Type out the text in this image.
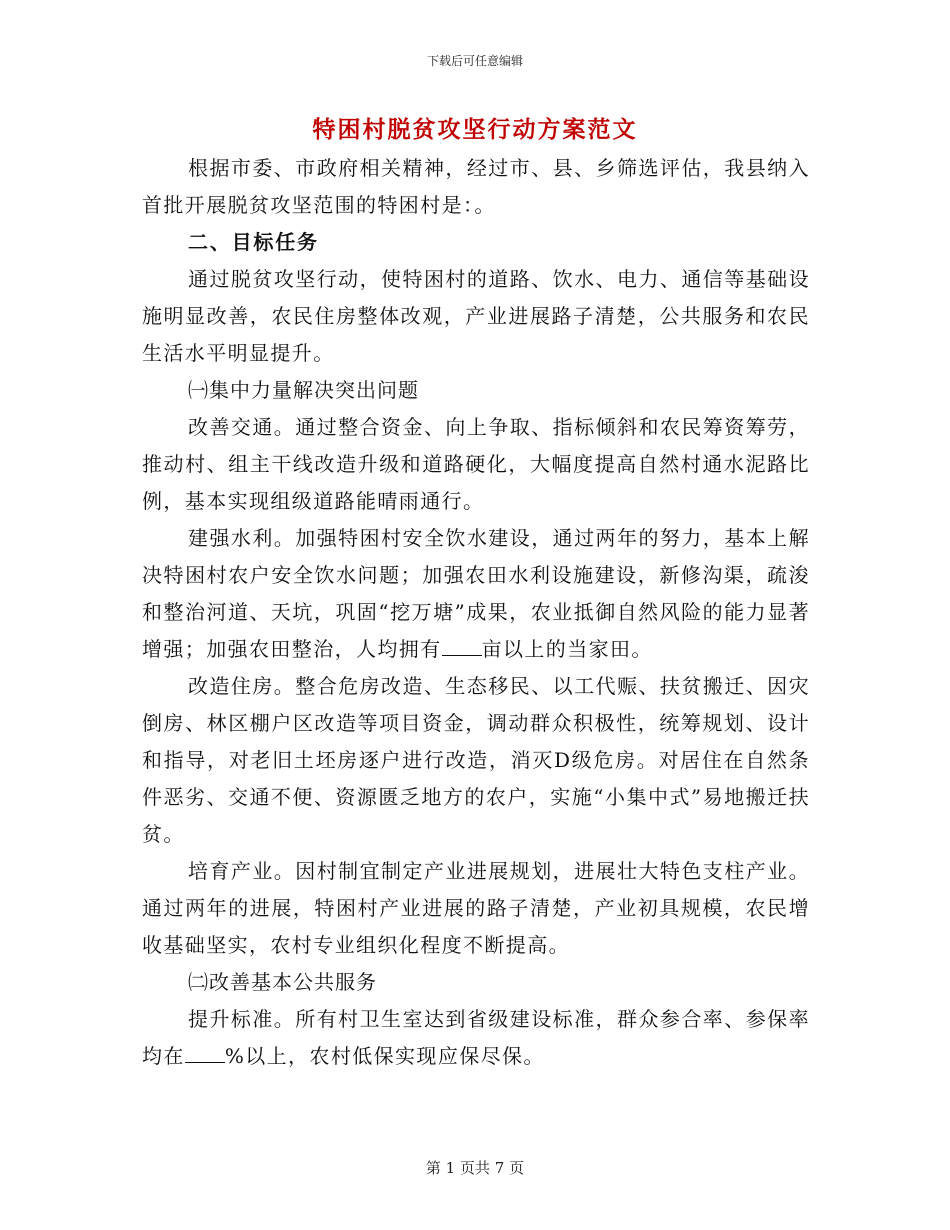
下载后可任意编辑
特困村脱贫攻坚行动方案范文

根据市委、市政府相关精神，经过市、县、乡筛选评估，我县纳入首批开展脱贫攻坚范围的特困村是：。

二、目标任务

通过脱贫攻坚行动，使特困村的道路、饮水、电力、通信等基础设施明显改善，农民住房整体改观，产业进展路子清楚，公共服务和农民生活水平明显提升。

㈠集中力量解决突出问题

改善交通。通过整合资金、向上争取、指标倾斜和农民筹资筹劳，推动村、组主干线改造升级和道路硬化，大幅度提高自然村通水泥路比例，基本实现组级道路能晴雨通行。

建强水利。加强特困村安全饮水建设，通过两年的努力，基本上解决特困村农户安全饮水问题；加强农田水利设施建设，新修沟渠，疏浚和整治河道、天坑，巩固“挖万塘”成果，农业抵御自然风险的能力显著增强；加强农田整治，人均拥有 亩以上的当家田。

改造住房。整合危房改造、生态移民、以工代赈、扶贫搬迁、因灾倒房、林区棚户区改造等项目资金，调动群众积极性，统筹规划、设计和指导，对老旧土坯房逐户进行改造，消灭D级危房。对居住在自然条件恶劣、交通不便、资源匮乏地方的农户，实施“小集中式”易地搬迁扶贫。

培育产业。因村制宜制定产业进展规划，进展壮大特色支柱产业。通过两年的进展，特困村产业进展的路子清楚，产业初具规模，农民增收基础坚实，农村专业组织化程度不断提高。

㈡改善基本公共服务

提升标准。所有村卫生室达到省级建设标准，群众参合率、参保率均在 %以上，农村低保实现应保尽保。

第 1 页共 7 页
